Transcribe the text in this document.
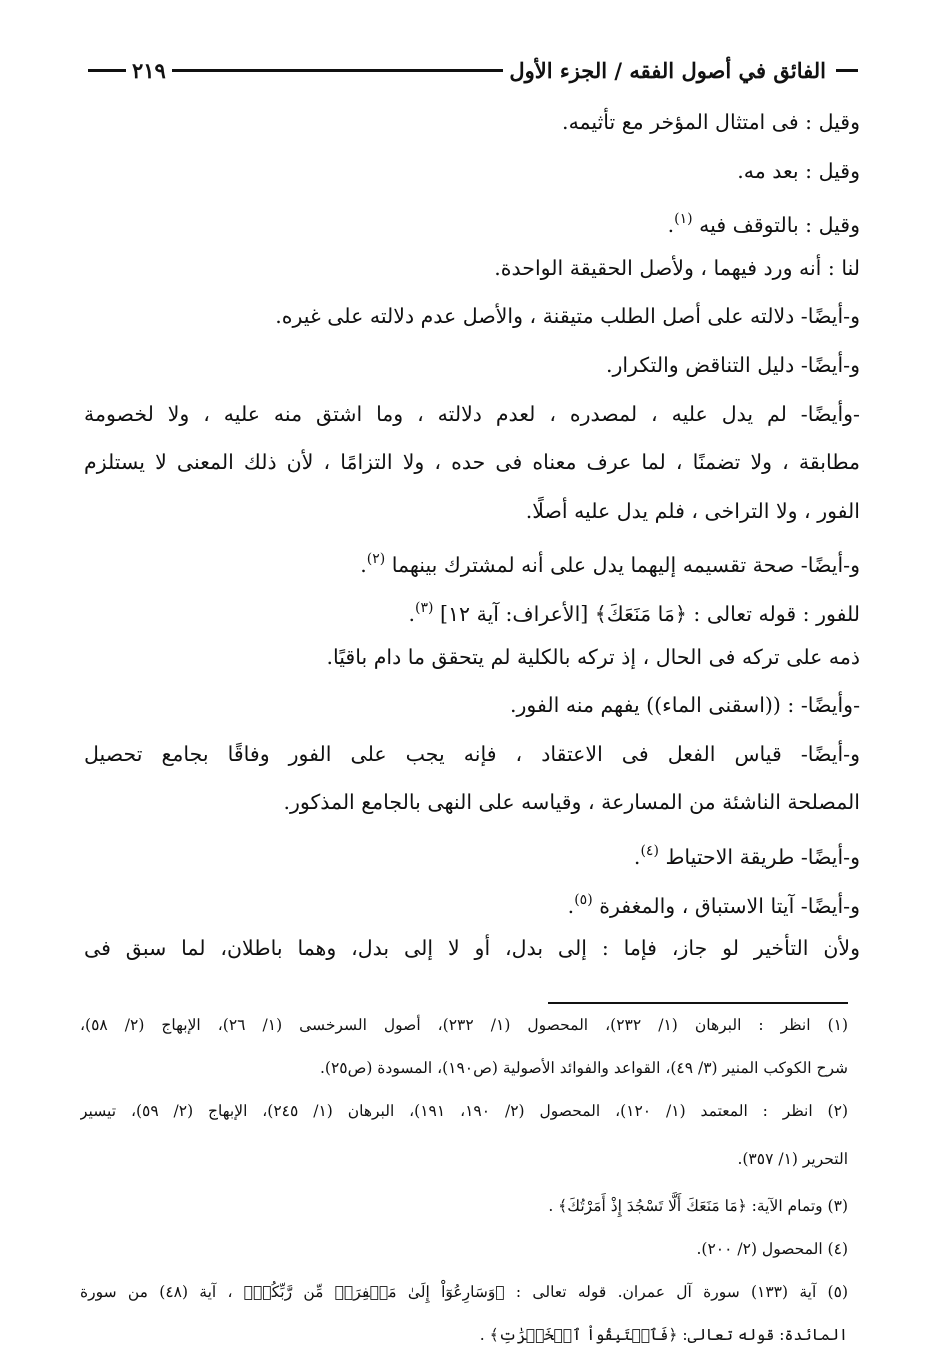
الفائق في أصول الفقه / الجزء الأول
٢١٩
وقيل : فى امتثال المؤخر مع تأثيمه.
وقيل : بعد مه.
وقيل : بالتوقف فيه $^{(١)}$.
لنا : أنه ورد فيهما ، ولأصل الحقيقة الواحدة.
و-أيضًا- دلالته على أصل الطلب متيقنة ، والأصل عدم دلالته على غيره.
و-أيضًا- دليل التناقض والتكرار.
-وأيضًا- لم يدل عليه ، لمصدره ، لعدم دلالته ، وما اشتق منه عليه ، ولا لخصومة
مطابقة ، ولا تضمنًا ، لما عرف معناه فى حده ، ولا التزامًا ، لأن ذلك المعنى لا يستلزم
الفور ، ولا التراخى ، فلم يدل عليه أصلًا.
و-أيضًا- صحة تقسيمه إليهما يدل على أنه لمشترك بينهما $^{(٢)}$.
للفور : قوله تعالى : ﴿مَا مَنَعَكَ﴾ [الأعراف: آية ١٢] $^{(٣)}$.
ذمه على تركه فى الحال ، إذ تركه بالكلية لم يتحقق ما دام باقيًا.
-وأيضًا- : ((اسقنى الماء)) يفهم منه الفور.
و-أيضًا- قياس الفعل فى الاعتقاد ، فإنه يجب على الفور وفاقًا بجامع تحصيل
المصلحة الناشئة من المسارعة ، وقياسه على النهى بالجامع المذكور.
و-أيضًا- طريقة الاحتياط $^{(٤)}$.
و-أيضًا- آيتا الاستباق ، والمغفرة $^{(٥)}$.
ولأن التأخير لو جاز، فإما : إلى بدل، أو لا إلى بدل، وهما باطلان، لما سبق فى
(١) انظر : البرهان (١/ ٢٣٢)، المحصول (١/ ٢٣٢)، أصول السرخسى (١/ ٢٦)، الإبهاج (٢/ ٥٨)،
شرح الكوكب المنير (٣/ ٤٩)، القواعد والفوائد الأصولية (ص١٩٠)، المسودة (ص٢٥).
(٢) انظر : المعتمد (١/ ١٢٠)، المحصول (٢/ ١٩٠، ١٩١)، البرهان (١/ ٢٤٥)، الإبهاج (٢/ ٥٩)، تيسير
التحرير (١/ ٣٥٧).
(٣) وتمام الآية: ﴿مَا مَنَعَكَ أَلَّا تَسْجُدَ إِذْ أَمَرْتُكَ﴾ .
(٤) المحصول (٢/ ٢٠٠).
(٥) آية (١٣٣) سورة آل عمران. قوله تعالى : ﴿وَسَارِعُوٓاْ إِلَىٰ مَغۡفِرَةٖ مِّن رَّبِّكُمۡ﴾ ، آية (٤٨) من سورة
المائدة: قوله تعالى: ﴿فَٱسۡتَبِقُواْ ٱلۡخَيۡرَٰتِ﴾ .
